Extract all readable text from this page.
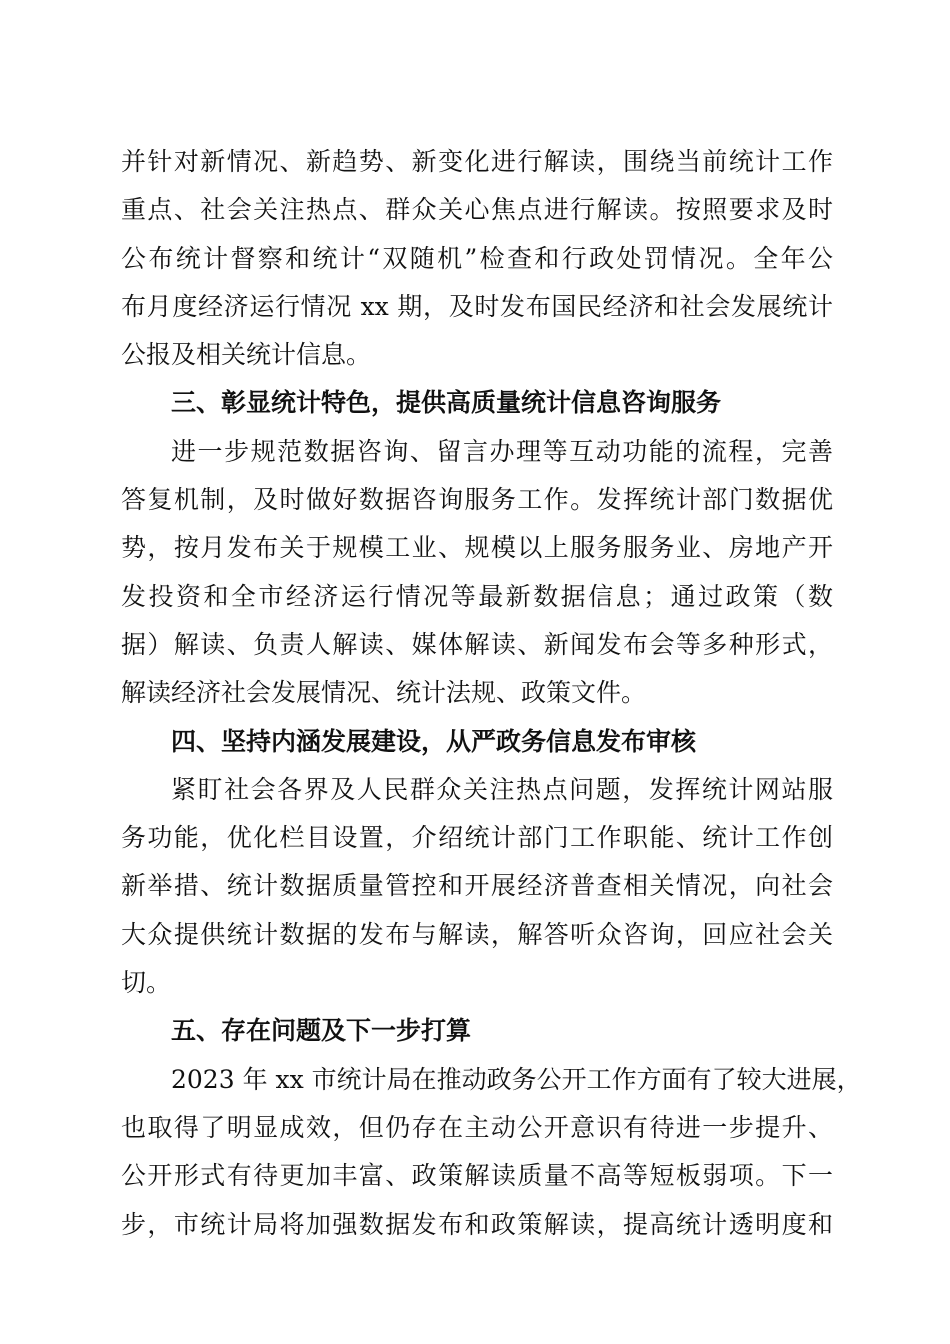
并针对新情况、新趋势、新变化进行解读，围绕当前统计工作
重点、社会关注热点、群众关心焦点进行解读。按照要求及时
公布统计督察和统计“双随机”检查和行政处罚情况。全年公
布月度经济运行情况 xx 期，及时发布国民经济和社会发展统计
公报及相关统计信息。
三、彰显统计特色，提供高质量统计信息咨询服务
进一步规范数据咨询、留言办理等互动功能的流程，完善
答复机制，及时做好数据咨询服务工作。发挥统计部门数据优
势，按月发布关于规模工业、规模以上服务服务业、房地产开
发投资和全市经济运行情况等最新数据信息；通过政策（数
据）解读、负责人解读、媒体解读、新闻发布会等多种形式，
解读经济社会发展情况、统计法规、政策文件。
四、坚持内涵发展建设，从严政务信息发布审核
紧盯社会各界及人民群众关注热点问题，发挥统计网站服
务功能，优化栏目设置，介绍统计部门工作职能、统计工作创
新举措、统计数据质量管控和开展经济普查相关情况，向社会
大众提供统计数据的发布与解读，解答听众咨询，回应社会关
切。
五、存在问题及下一步打算
2023 年 xx 市统计局在推动政务公开工作方面有了较大进展，
也取得了明显成效，但仍存在主动公开意识有待进一步提升、
公开形式有待更加丰富、政策解读质量不高等短板弱项。下一
步，市统计局将加强数据发布和政策解读，提高统计透明度和
